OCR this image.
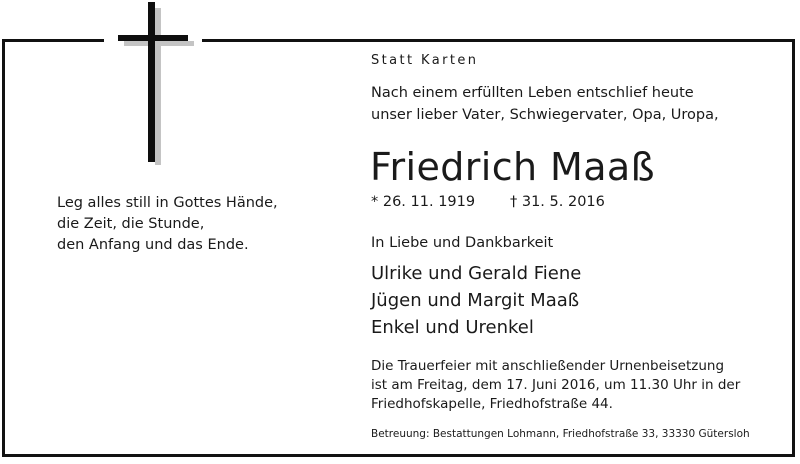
Statt Karten
Nach einem erfüllten Leben entschlief heute
unser lieber Vater, Schwiegervater, Opa, Uropa,
Friedrich Maaß
* 26. 11. 1919 † 31. 5. 2016
Leg alles still in Gottes Hände,
die Zeit, die Stunde,
den Anfang und das Ende.	In Liebe und Dankbarkeit
Ulrike und Gerald Fiene
Jügen und Margit Maaß
Enkel und Urenkel
Die Trauerfeier mit anschließender Urnenbeisetzung
ist am Freitag, dem 17. Juni 2016, um 11.30 Uhr in der
Friedhofskapelle, Friedhofstraße 44.
Betreuung: Bestattungen Lohmann, Friedhofstraße 33, 33330 Gütersloh
